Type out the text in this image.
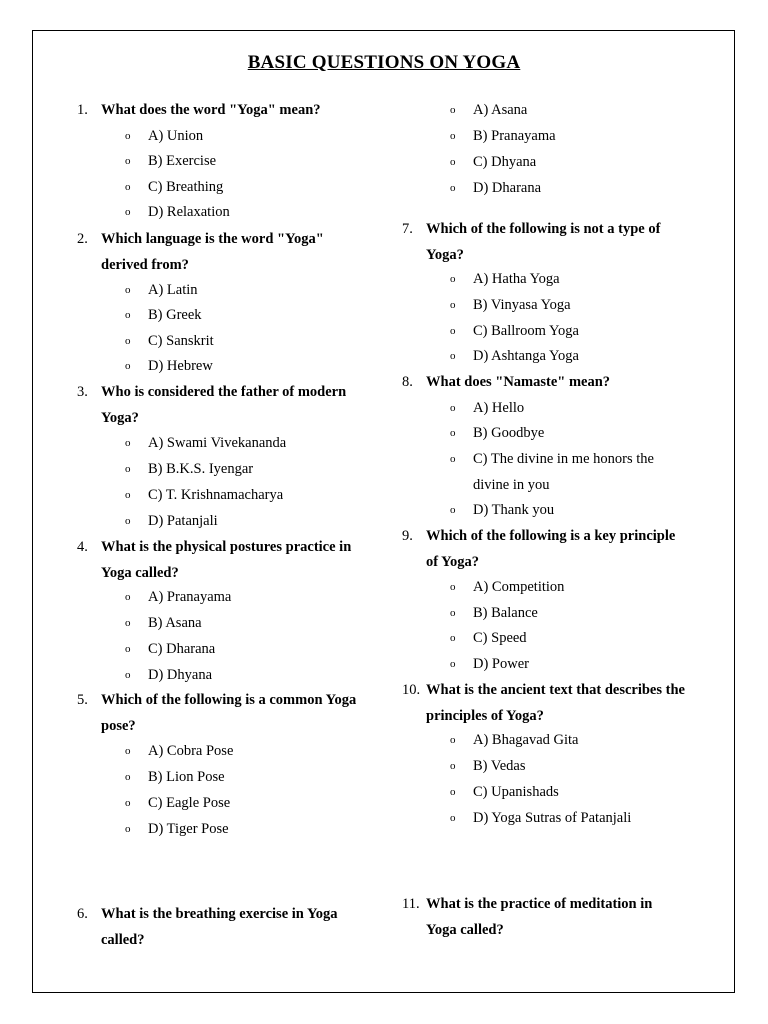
BASIC QUESTIONS ON YOGA
1. What does the word "Yoga" mean?
o A) Union
o B) Exercise
o C) Breathing
o D) Relaxation
2. Which language is the word "Yoga"
derived from?
o A) Latin
o B) Greek
o C) Sanskrit
o D) Hebrew
3. Who is considered the father of modern
Yoga?
o A) Swami Vivekananda
o B) B.K.S. Iyengar
o C) T. Krishnamacharya
o D) Patanjali
4. What is the physical postures practice in
Yoga called?
o A) Pranayama
o B) Asana
o C) Dharana
o D) Dhyana
5. Which of the following is a common Yoga
pose?
o A) Cobra Pose
o B) Lion Pose
o C) Eagle Pose
o D) Tiger Pose
6. What is the breathing exercise in Yoga
called?
o A) Asana
o B) Pranayama
o C) Dhyana
o D) Dharana
7. Which of the following is not a type of
Yoga?
o A) Hatha Yoga
o B) Vinyasa Yoga
o C) Ballroom Yoga
o D) Ashtanga Yoga
8. What does "Namaste" mean?
o A) Hello
o B) Goodbye
o C) The divine in me honors the
divine in you
o D) Thank you
9. Which of the following is a key principle
of Yoga?
o A) Competition
o B) Balance
o C) Speed
o D) Power
10. What is the ancient text that describes the
principles of Yoga?
o A) Bhagavad Gita
o B) Vedas
o C) Upanishads
o D) Yoga Sutras of Patanjali
11. What is the practice of meditation in
Yoga called?
